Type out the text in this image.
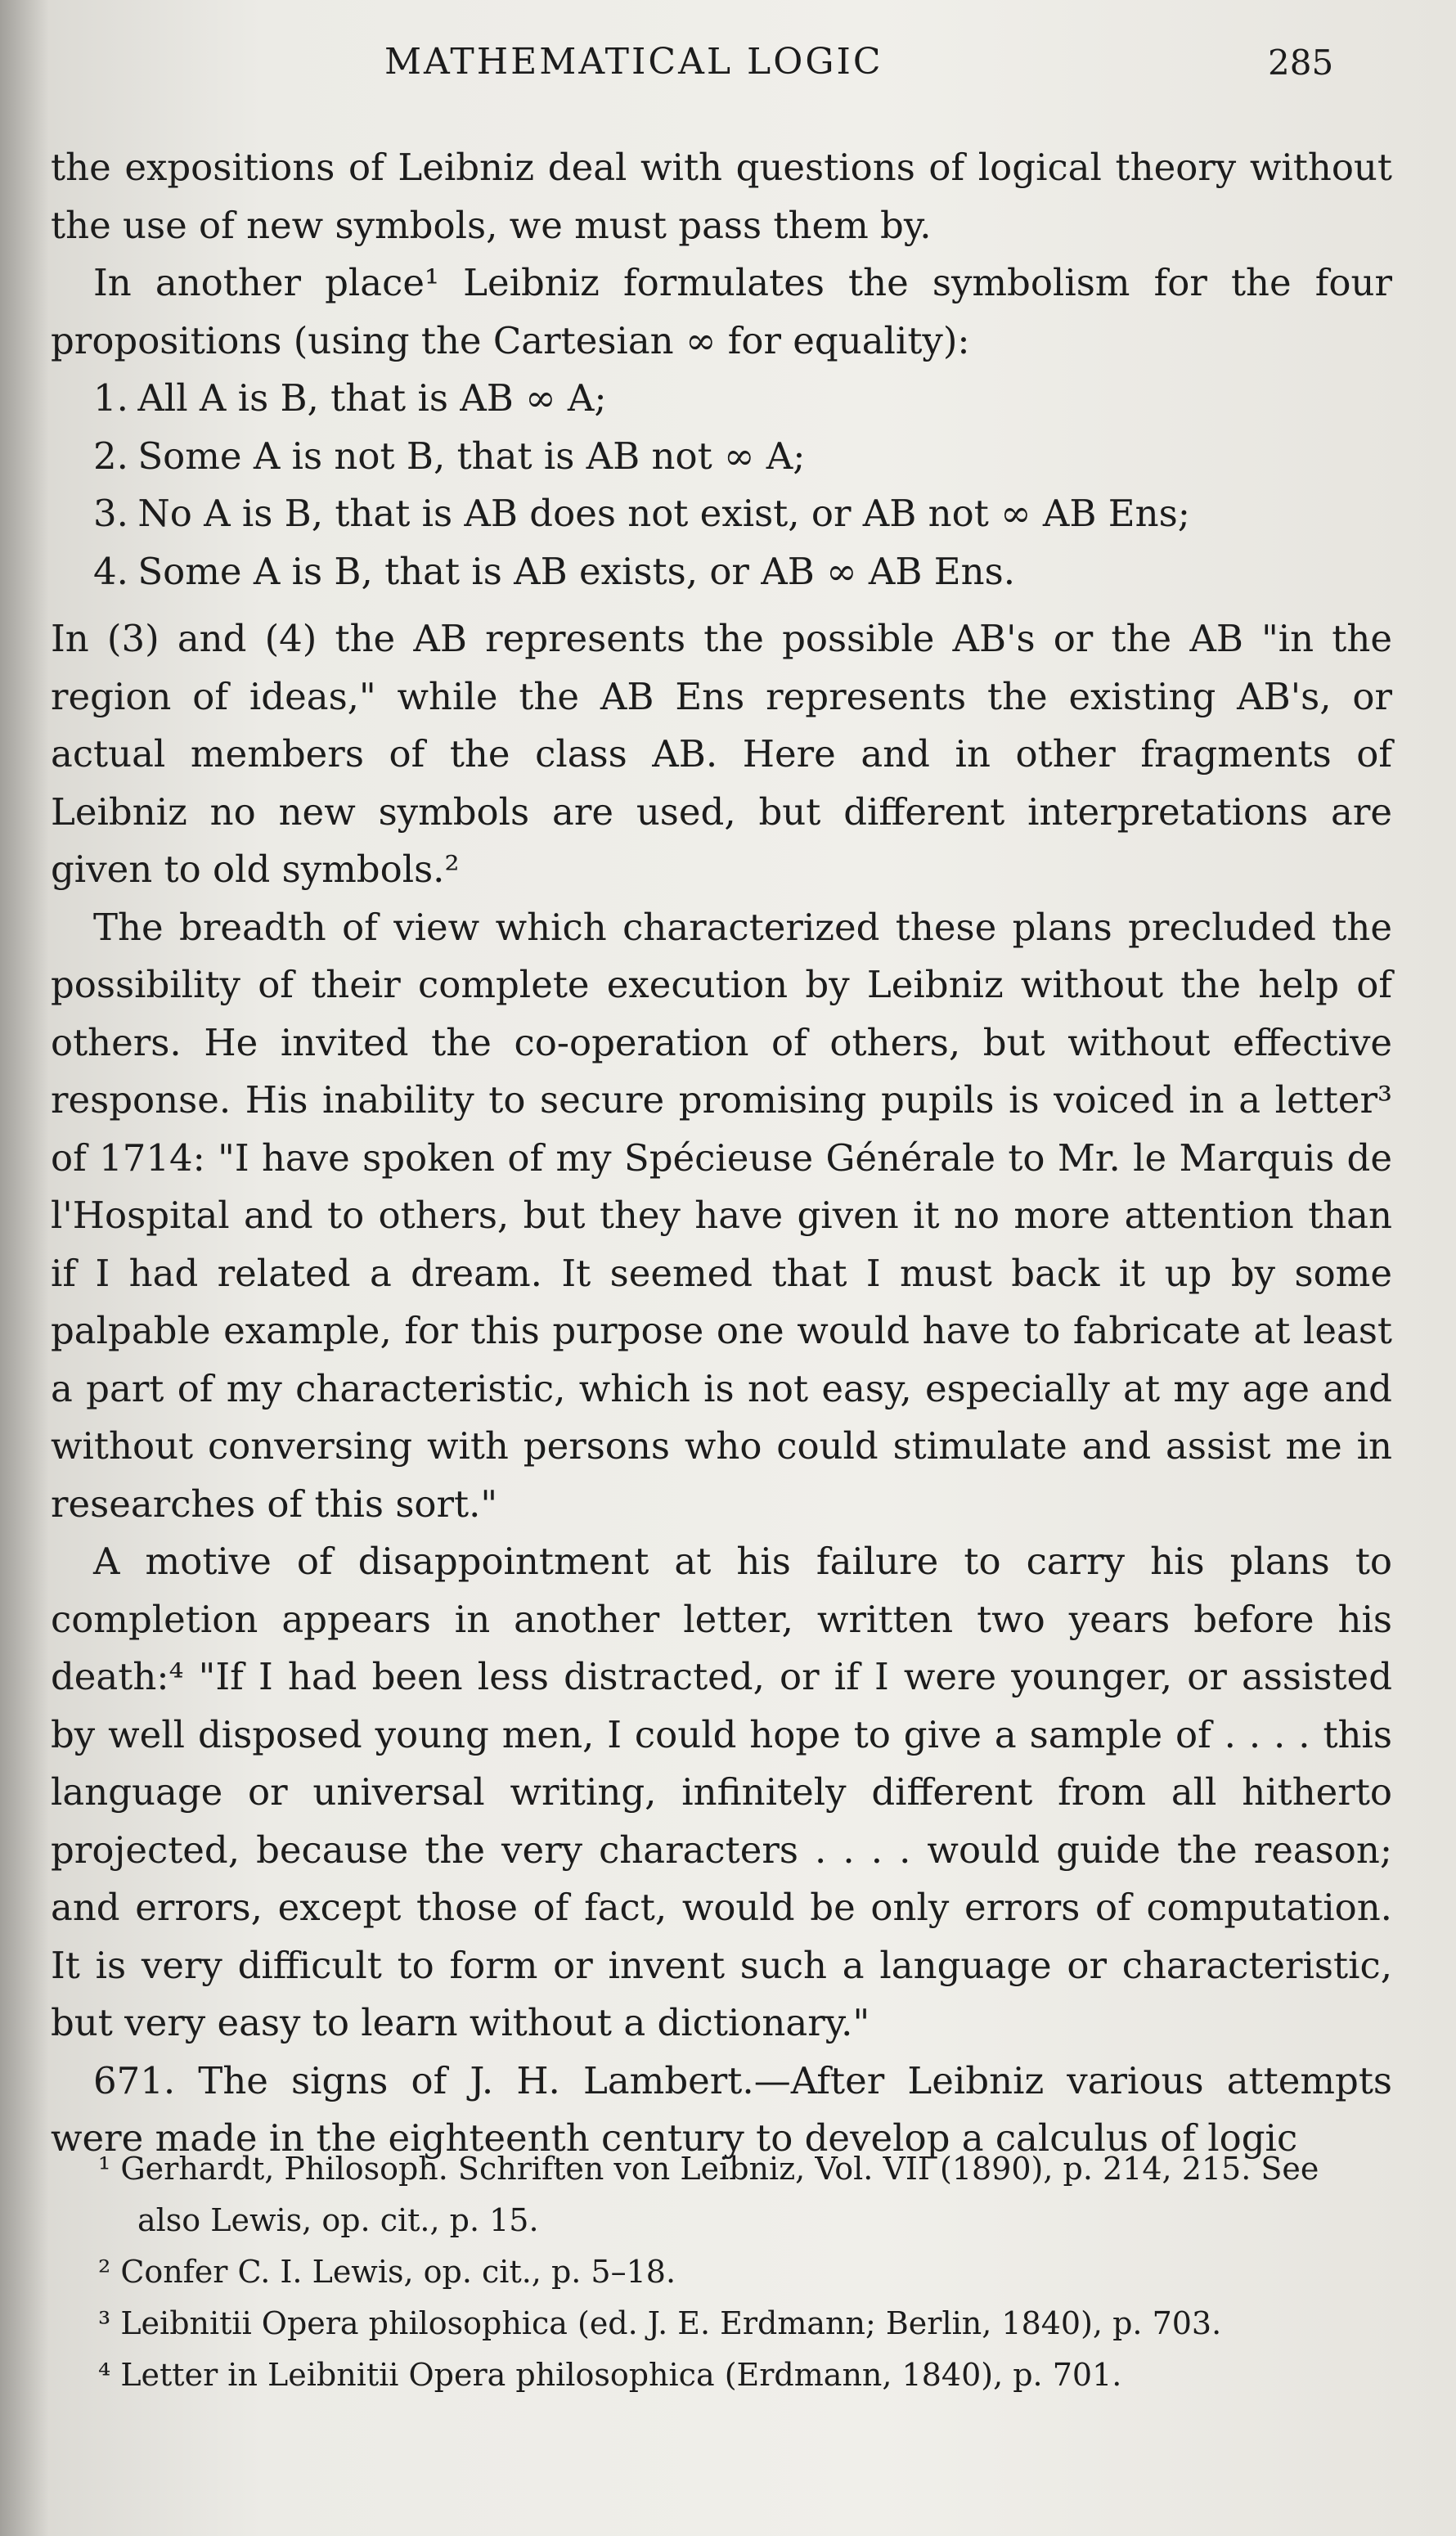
MATHEMATICAL LOGIC	285

the expositions of Leibniz deal with questions of logical theory without the use of new symbols, we must pass them by.

In another place¹ Leibniz formulates the symbolism for the four propositions (using the Cartesian ∞ for equality):

1. All A is B, that is AB ∞ A;
2. Some A is not B, that is AB not ∞ A;
3. No A is B, that is AB does not exist, or AB not ∞ AB Ens;
4. Some A is B, that is AB exists, or AB ∞ AB Ens.

In (3) and (4) the AB represents the possible AB's or the AB "in the region of ideas," while the AB Ens represents the existing AB's, or actual members of the class AB. Here and in other fragments of Leibniz no new symbols are used, but different interpretations are given to old symbols.²

The breadth of view which characterized these plans precluded the possibility of their complete execution by Leibniz without the help of others. He invited the co-operation of others, but without effective response. His inability to secure promising pupils is voiced in a letter³ of 1714: "I have spoken of my Spécieuse Générale to Mr. le Marquis de l'Hospital and to others, but they have given it no more attention than if I had related a dream. It seemed that I must back it up by some palpable example, for this purpose one would have to fabricate at least a part of my characteristic, which is not easy, especially at my age and without conversing with persons who could stimulate and assist me in researches of this sort."

A motive of disappointment at his failure to carry his plans to completion appears in another letter, written two years before his death:⁴ "If I had been less distracted, or if I were younger, or assisted by well disposed young men, I could hope to give a sample of . . . . this language or universal writing, infinitely different from all hitherto projected, because the very characters . . . . would guide the reason; and errors, except those of fact, would be only errors of computation. It is very difficult to form or invent such a language or characteristic, but very easy to learn without a dictionary."

671. The signs of J. H. Lambert.—After Leibniz various attempts were made in the eighteenth century to develop a calculus of logic

¹ Gerhardt, Philosoph. Schriften von Leibniz, Vol. VII (1890), p. 214, 215. See also Lewis, op. cit., p. 15.

² Confer C. I. Lewis, op. cit., p. 5–18.

³ Leibnitii Opera philosophica (ed. J. E. Erdmann; Berlin, 1840), p. 703.

⁴ Letter in Leibnitii Opera philosophica (Erdmann, 1840), p. 701.
